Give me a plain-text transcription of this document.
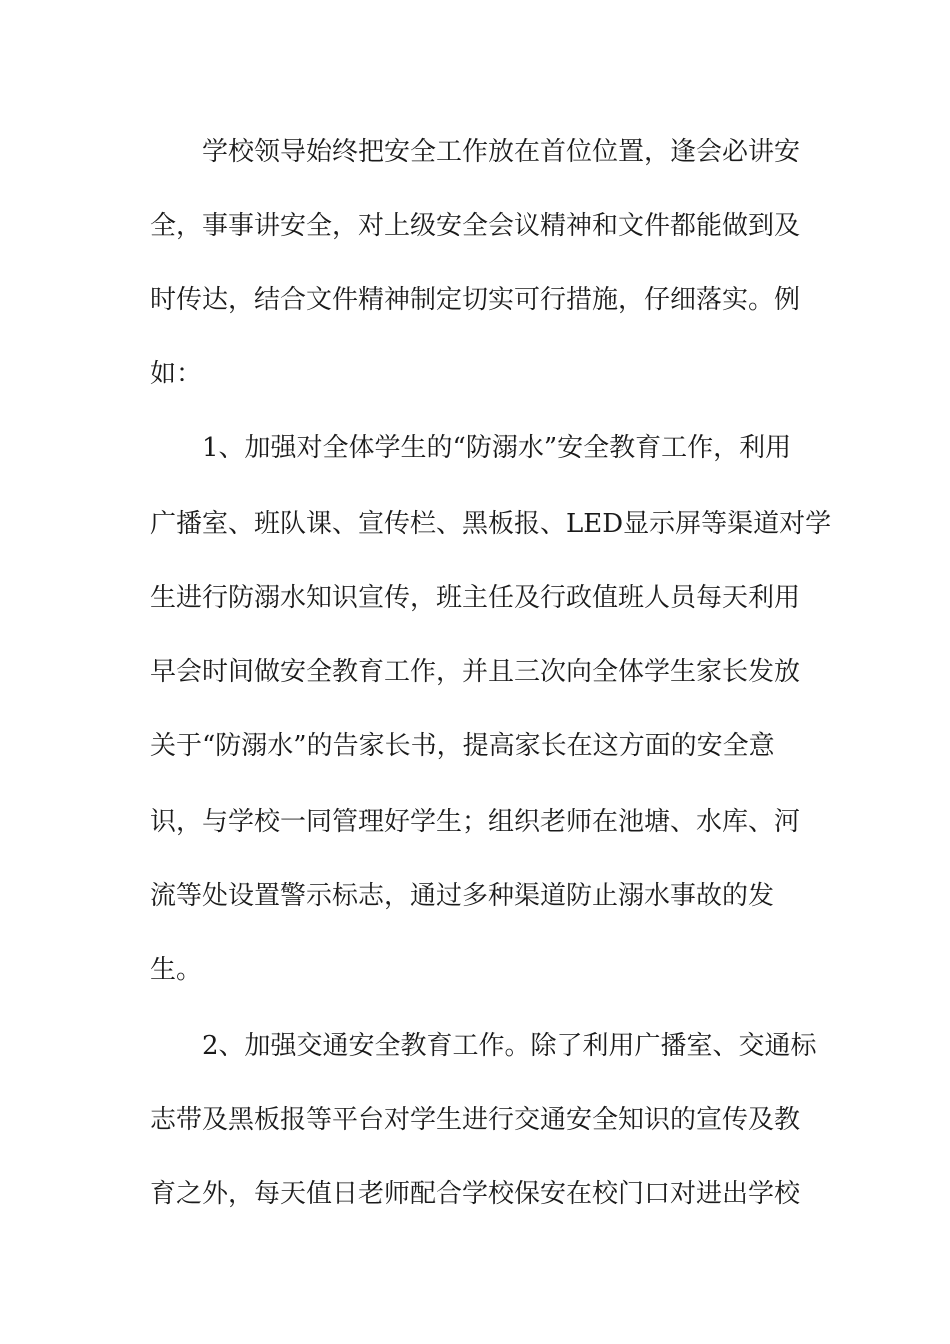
学校领导始终把安全工作放在首位位置，逢会必讲安
全，事事讲安全，对上级安全会议精神和文件都能做到及
时传达，结合文件精神制定切实可行措施，仔细落实。例
如：
1、加强对全体学生的“防溺水”安全教育工作，利用
广播室、班队课、宣传栏、黑板报、LED显示屏等渠道对学
生进行防溺水知识宣传，班主任及行政值班人员每天利用
早会时间做安全教育工作，并且三次向全体学生家长发放
关于“防溺水”的告家长书，提高家长在这方面的安全意
识，与学校一同管理好学生；组织老师在池塘、水库、河
流等处设置警示标志，通过多种渠道防止溺水事故的发
生。
2、加强交通安全教育工作。除了利用广播室、交通标
志带及黑板报等平台对学生进行交通安全知识的宣传及教
育之外，每天值日老师配合学校保安在校门口对进出学校
